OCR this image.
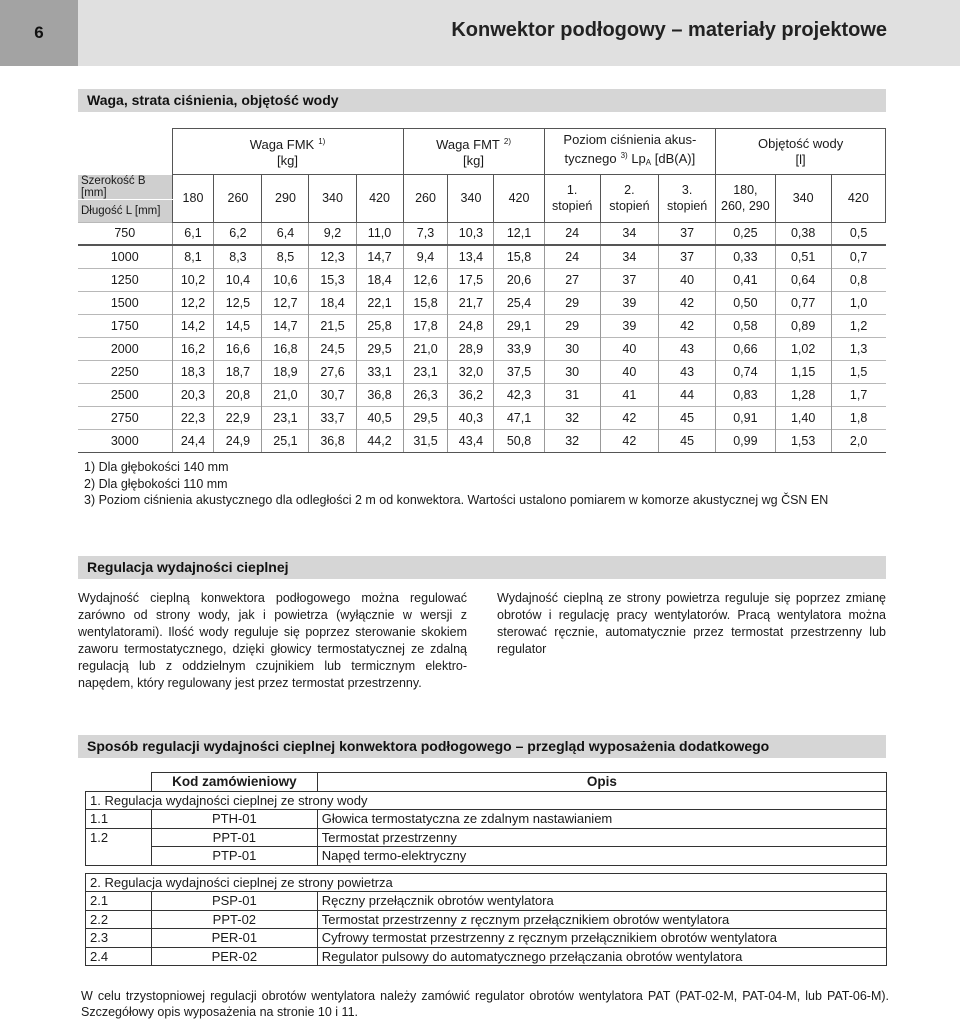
6	Konwektor podłogowy – materiały projektowe
Waga, strata ciśnienia, objętość wody
	Waga FMK $^{1)}$
[kg]					Waga FMT $^{2)}$
[kg]			Poziom ciśnienia akus-
tycznego $^{3)}$ $Lp_A$ [dB(A)]			Objętość wody
[l]		
Szerokość B [mm]	180	260	290	340	420	260	340	420	1.
stopień	2.
stopień	3.
stopień	180,
260, 290	340	420
Długość L [mm]														
750	6,1	6,2	6,4	9,2	11,0	7,3	10,3	12,1	24	34	37	0,25	0,38	0,5
1000	8,1	8,3	8,5	12,3	14,7	9,4	13,4	15,8	24	34	37	0,33	0,51	0,7
1250	10,2	10,4	10,6	15,3	18,4	12,6	17,5	20,6	27	37	40	0,41	0,64	0,8
1500	12,2	12,5	12,7	18,4	22,1	15,8	21,7	25,4	29	39	42	0,50	0,77	1,0
1750	14,2	14,5	14,7	21,5	25,8	17,8	24,8	29,1	29	39	42	0,58	0,89	1,2
2000	16,2	16,6	16,8	24,5	29,5	21,0	28,9	33,9	30	40	43	0,66	1,02	1,3
2250	18,3	18,7	18,9	27,6	33,1	23,1	32,0	37,5	30	40	43	0,74	1,15	1,5
2500	20,3	20,8	21,0	30,7	36,8	26,3	36,2	42,3	31	41	44	0,83	1,28	1,7
2750	22,3	22,9	23,1	33,7	40,5	29,5	40,3	47,1	32	42	45	0,91	1,40	1,8
3000	24,4	24,9	25,1	36,8	44,2	31,5	43,4	50,8	32	42	45	0,99	1,53	2,0
1) Dla głębokości 140 mm
2) Dla głębokości 110 mm
3) Poziom ciśnienia akustycznego dla odległości 2 m od konwektora. Wartości ustalono pomiarem w komorze akustycznej wg ČSN EN
Regulacja wydajności cieplnej
Wydajność cieplną konwektora podłogowego można regulować zarówno od strony wody, jak i powietrza (wyłącznie w wersji z wentylatorami). Ilość wody reguluje się poprzez sterowanie skokiem zaworu termostatycznego, dzięki głowicy termostatycznej ze zdalną regulacją lub z oddzielnym czujnikiem lub termicznym elektro-napędem, który regulowany jest przez termostat przestrzenny.
Wydajność cieplną ze strony powietrza reguluje się poprzez zmianę obrotów i regulację pracy wentylatorów. Pracą wentylatora można sterować ręcznie, automatycznie przez termostat przestrzenny lub regulator
Sposób regulacji wydajności cieplnej konwektora podłogowego – przegląd wyposażenia dodatkowego
	Kod zamówieniowy	Opis
1. Regulacja wydajności cieplnej ze strony wody		
1.1	PTH-01	Głowica termostatyczna ze zdalnym nastawianiem
1.2	PPT-01	Termostat przestrzenny
	PTP-01	Napęd termo-elektryczny

2. Regulacja wydajności cieplnej ze strony powietrza		
2.1	PSP-01	Ręczny przełącznik obrotów wentylatora
2.2	PPT-02	Termostat przestrzenny z ręcznym przełącznikiem obrotów wentylatora
2.3	PER-01	Cyfrowy termostat przestrzenny z ręcznym przełącznikiem obrotów wentylatora
2.4	PER-02	Regulator pulsowy do automatycznego przełączania obrotów wentylatora
W celu trzystopniowej regulacji obrotów wentylatora należy zamówić regulator obrotów wentylatora PAT (PAT-02-M, PAT-04-M, lub PAT-06-M). Szczegółowy opis wyposażenia na stronie 10 i 11.
